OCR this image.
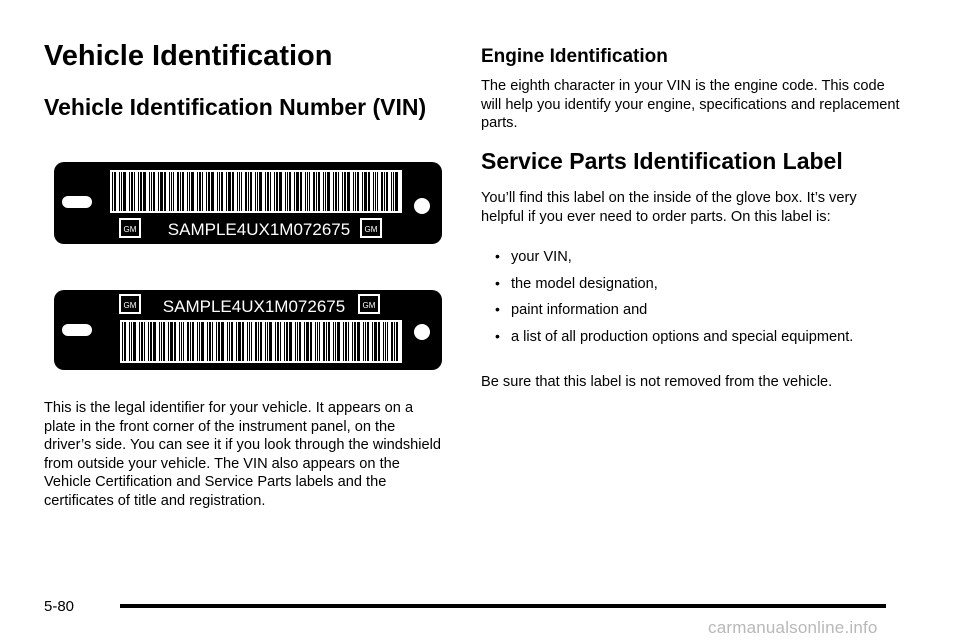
Vehicle Identification
Vehicle Identification Number (VIN)
GM SAMPLE4UX1M072675 GM
GM SAMPLE4UX1M072675 GM
This is the legal identifier for your vehicle. It appears on a plate in the front corner of the instrument panel, on the driver’s side. You can see it if you look through the windshield from outside your vehicle. The VIN also appears on the Vehicle Certification and Service Parts labels and the certificates of title and registration.
Engine Identification
The eighth character in your VIN is the engine code. This code will help you identify your engine, specifications and replacement parts.
Service Parts Identification Label
You’ll find this label on the inside of the glove box. It’s very helpful if you ever need to order parts. On this label is:
• your VIN,
• the model designation,
• paint information and
• a list of all production options and special equipment.
Be sure that this label is not removed from the vehicle.
5-80
carmanualsonline.info
